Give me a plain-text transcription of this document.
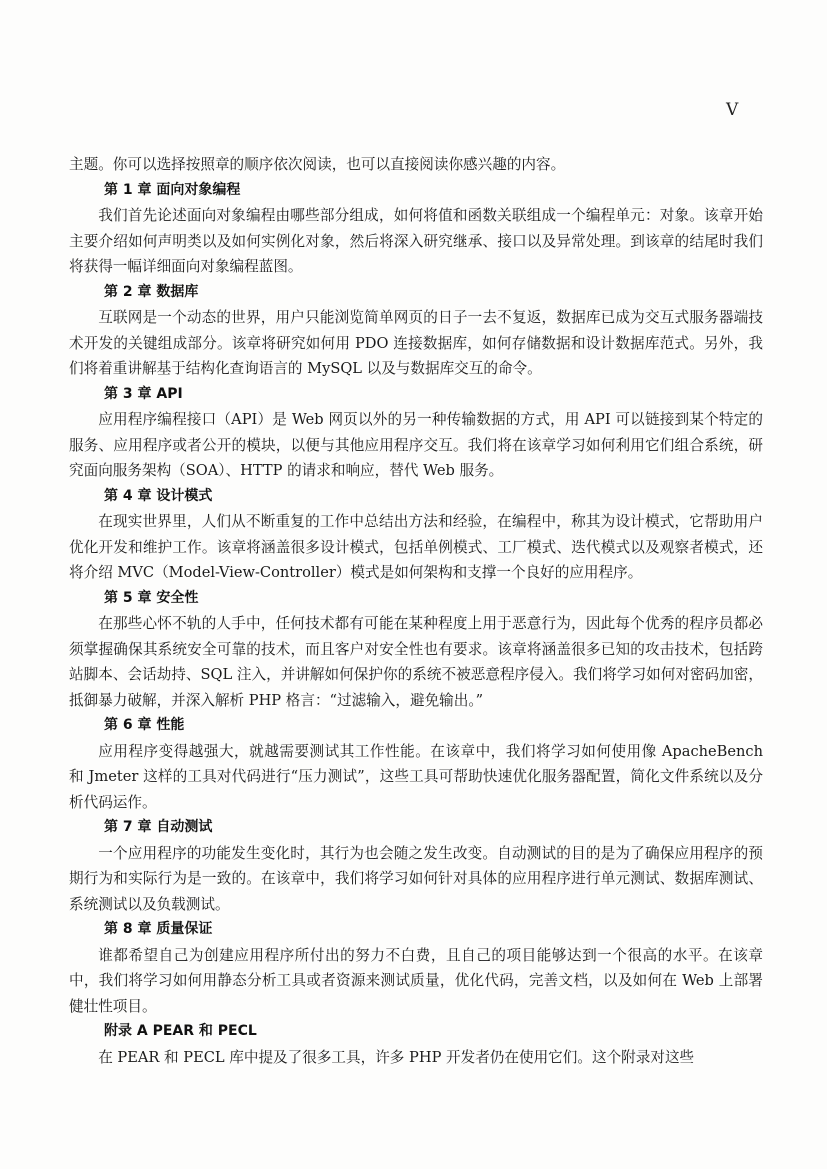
V

主题。你可以选择按照章的顺序依次阅读，也可以直接阅读你感兴趣的内容。

第 1 章 面向对象编程

我们首先论述面向对象编程由哪些部分组成，如何将值和函数关联组成一个编程单元：对象。该章开始主要介绍如何声明类以及如何实例化对象，然后将深入研究继承、接口以及异常处理。到该章的结尾时我们将获得一幅详细面向对象编程蓝图。

第 2 章 数据库

互联网是一个动态的世界，用户只能浏览简单网页的日子一去不复返，数据库已成为交互式服务器端技术开发的关键组成部分。该章将研究如何用 PDO 连接数据库，如何存储数据和设计数据库范式。另外，我们将着重讲解基于结构化查询语言的 MySQL 以及与数据库交互的命令。

第 3 章 API

应用程序编程接口（API）是 Web 网页以外的另一种传输数据的方式，用 API 可以链接到某个特定的服务、应用程序或者公开的模块，以便与其他应用程序交互。我们将在该章学习如何利用它们组合系统，研究面向服务架构（SOA）、HTTP 的请求和响应，替代 Web 服务。

第 4 章 设计模式

在现实世界里，人们从不断重复的工作中总结出方法和经验，在编程中，称其为设计模式，它帮助用户优化开发和维护工作。该章将涵盖很多设计模式，包括单例模式、工厂模式、迭代模式以及观察者模式，还将介绍 MVC（Model-View-Controller）模式是如何架构和支撑一个良好的应用程序。

第 5 章 安全性

在那些心怀不轨的人手中，任何技术都有可能在某种程度上用于恶意行为，因此每个优秀的程序员都必须掌握确保其系统安全可靠的技术，而且客户对安全性也有要求。该章将涵盖很多已知的攻击技术，包括跨站脚本、会话劫持、SQL 注入，并讲解如何保护你的系统不被恶意程序侵入。我们将学习如何对密码加密，抵御暴力破解，并深入解析 PHP 格言：“过滤输入，避免输出。”

第 6 章 性能

应用程序变得越强大，就越需要测试其工作性能。在该章中，我们将学习如何使用像 ApacheBench 和 Jmeter 这样的工具对代码进行“压力测试”，这些工具可帮助快速优化服务器配置，简化文件系统以及分析代码运作。

第 7 章 自动测试

一个应用程序的功能发生变化时，其行为也会随之发生改变。自动测试的目的是为了确保应用程序的预期行为和实际行为是一致的。在该章中，我们将学习如何针对具体的应用程序进行单元测试、数据库测试、系统测试以及负载测试。

第 8 章 质量保证

谁都希望自己为创建应用程序所付出的努力不白费，且自己的项目能够达到一个很高的水平。在该章中，我们将学习如何用静态分析工具或者资源来测试质量，优化代码，完善文档，以及如何在 Web 上部署健壮性项目。

附录 A PEAR 和 PECL

在 PEAR 和 PECL 库中提及了很多工具，许多 PHP 开发者仍在使用它们。这个附录对这些
